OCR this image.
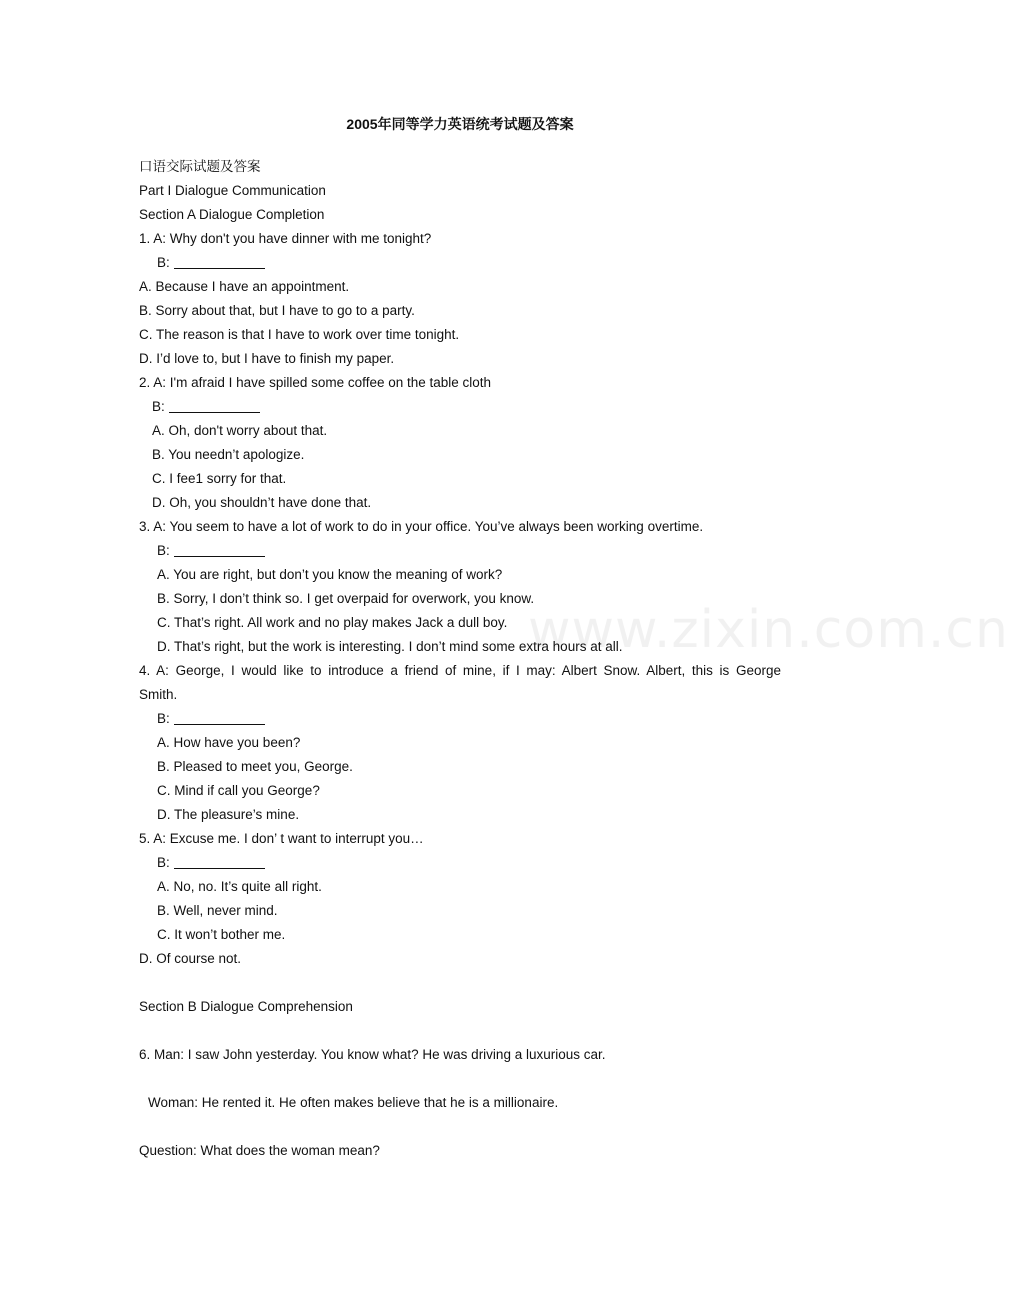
www.zixin.com.cn
2005年同等学力英语统考试题及答案
口语交际试题及答案
Part I Dialogue Communication
Section A Dialogue Completion
1. A: Why don't you have dinner with me tonight?
B:
A. Because I have an appointment.
B. Sorry about that, but I have to go to a party.
C. The reason is that I have to work over time tonight.
D. I’d love to, but I have to finish my paper.
2. A: I'm afraid I have spilled some coffee on the table cloth
B:
A. Oh, don't worry about that.
B. You needn’t apologize.
C. I fee1 sorry for that.
D. Oh, you shouldn’t have done that.
3. A: You seem to have a lot of work to do in your office. You’ve always been working overtime.
B:
A. You are right, but don’t you know the meaning of work?
B. Sorry, I don’t think so. I get overpaid for overwork, you know.
C. That’s right. All work and no play makes Jack a dull boy.
D. That’s right, but the work is interesting. I don’t mind some extra hours at all.
4. A: George, I would like to introduce a friend of mine, if I may: Albert Snow. Albert, this is George
Smith.
B:
A. How have you been?
B. Pleased to meet you, George.
C. Mind if call you George?
D. The pleasure’s mine.
5. A: Excuse me. I don’ t want to interrupt you…
B:
A. No, no. It’s quite all right.
B. Well, never mind.
C. It won’t bother me.
D. Of course not.
Section B Dialogue Comprehension
6. Man: I saw John yesterday. You know what? He was driving a luxurious car.
Woman: He rented it. He often makes believe that he is a millionaire.
Question: What does the woman mean?
